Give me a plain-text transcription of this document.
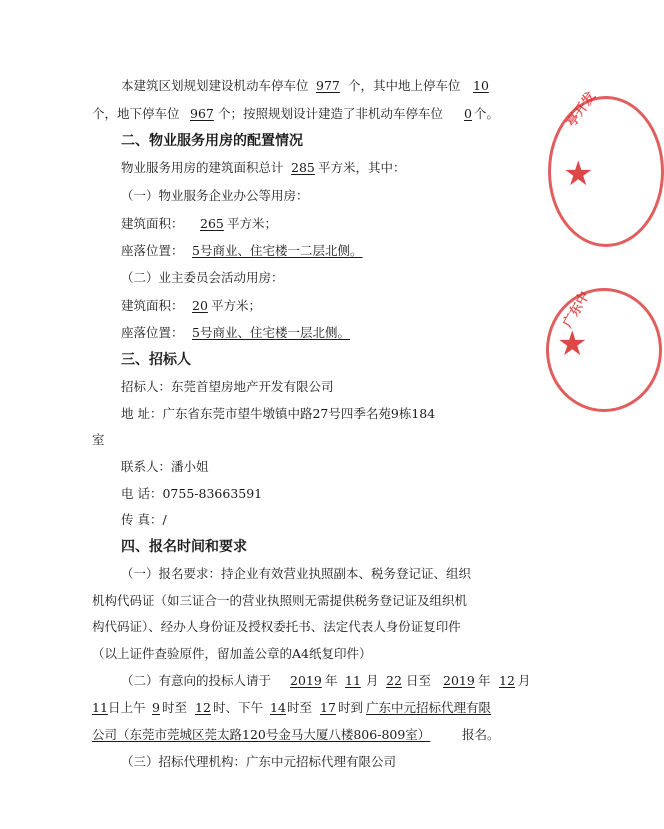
本建筑区划规划建设机动车停车位 977 个，其中地上停车位 10
个，地下停车位 967 个；按照规划设计建造了非机动车停车位 0 个。
二、物业服务用房的配置情况
物业服务用房的建筑面积总计 285 平方米，其中：
（一）物业服务企业办公等用房：
建筑面积： 265 平方米；
座落位置： 5号商业、住宅楼一二层北侧。
（二）业主委员会活动用房：
建筑面积： 20 平方米；
座落位置： 5号商业、住宅楼一层北侧。
三、招标人
招标人：东莞首望房地产开发有限公司
地 址：广东省东莞市望牛墩镇中路27号四季名苑9栋184
室
联系人：潘小姐
电 话：0755-83663591
传 真：/
四、报名时间和要求
（一）报名要求：持企业有效营业执照副本、税务登记证、组织
机构代码证（如三证合一的营业执照则无需提供税务登记证及组织机
构代码证）、经办人身份证及授权委托书、法定代表人身份证复印件
（以上证件查验原件，留加盖公章的A4纸复印件）
（二）有意向的投标人请于 2019 年 11 月 22 日至 2019 年 12 月
11 日上午 9 时至 12 时、下午 14 时至 17 时到 广东中元招标代理有限
公司（东莞市莞城区莞太路120号金马大厦八楼806-809室）	报名。
（三）招标代理机构：广东中元招标代理有限公司
亭开发
★
广东中
★
